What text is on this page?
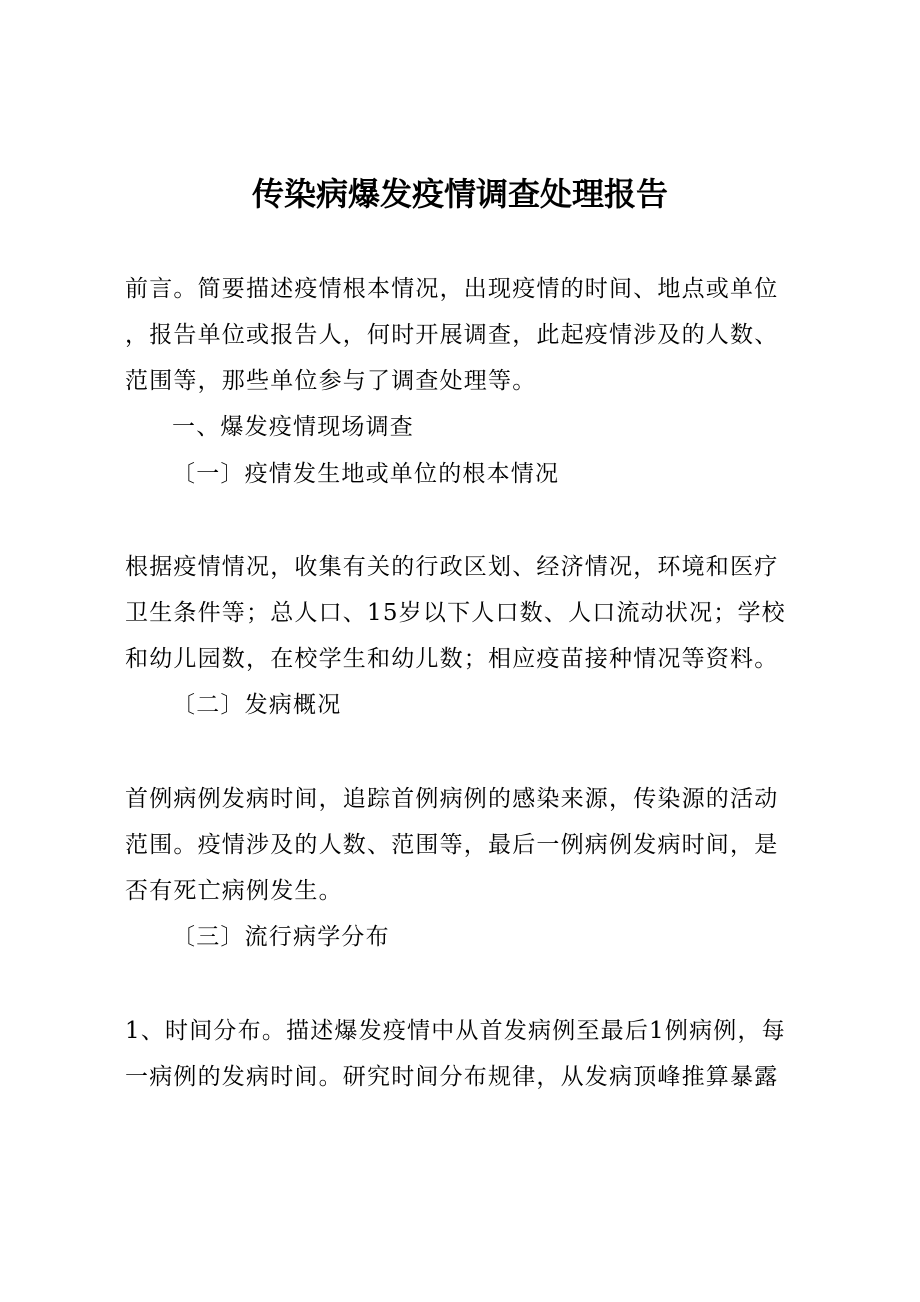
传染病爆发疫情调查处理报告
前言。简要描述疫情根本情况，出现疫情的时间、地点或单位
，报告单位或报告人，何时开展调查，此起疫情涉及的人数、
范围等，那些单位参与了调查处理等。
一、爆发疫情现场调查
〔一〕疫情发生地或单位的根本情况
根据疫情情况，收集有关的行政区划、经济情况，环境和医疗
卫生条件等；总人口、15岁以下人口数、人口流动状况；学校
和幼儿园数，在校学生和幼儿数；相应疫苗接种情况等资料。
〔二〕发病概况
首例病例发病时间，追踪首例病例的感染来源，传染源的活动
范围。疫情涉及的人数、范围等，最后一例病例发病时间，是
否有死亡病例发生。
〔三〕流行病学分布
1、时间分布。描述爆发疫情中从首发病例至最后1例病例，每
一病例的发病时间。研究时间分布规律，从发病顶峰推算暴露
